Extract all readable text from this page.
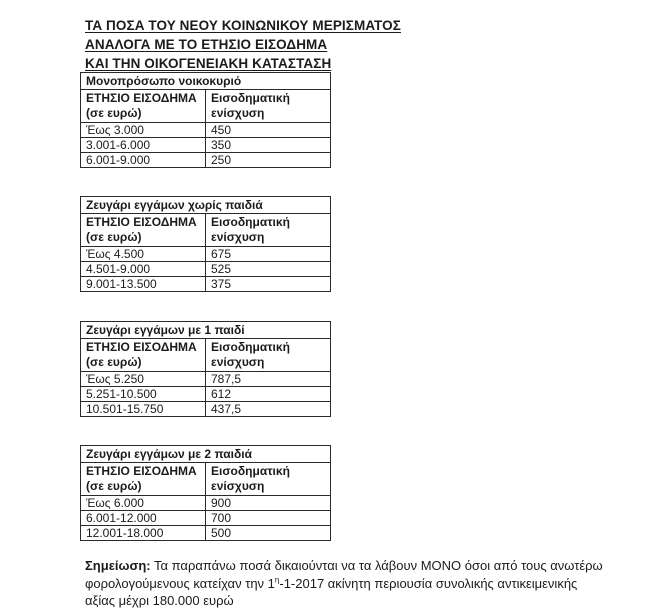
ΤΑ ΠΟΣΑ ΤΟΥ ΝΕΟΥ ΚΟΙΝΩΝΙΚΟΥ ΜΕΡΙΣΜΑΤΟΣ
ΑΝΑΛΟΓΑ ΜΕ ΤΟ ΕΤΗΣΙΟ ΕΙΣΟΔΗΜΑ
ΚΑΙ ΤΗΝ ΟΙΚΟΓΕΝΕΙΑΚΗ ΚΑΤΑΣΤΑΣΗ
Μονοπρόσωπο νοικοκυριό	

ΕΤΗΣΙΟ ΕΙΣΟΔΗΜΑ
(σε ευρώ)

Εισοδηματική
ενίσχυση

Έως 3.000	450
3.001-6.000	350
6.001-9.000	250
Ζευγάρι εγγάμων χωρίς παιδιά	

ΕΤΗΣΙΟ ΕΙΣΟΔΗΜΑ
(σε ευρώ)

Εισοδηματική
ενίσχυση

Έως 4.500	675
4.501-9.000	525
9.001-13.500	375
Ζευγάρι εγγάμων με 1 παιδί	

ΕΤΗΣΙΟ ΕΙΣΟΔΗΜΑ
(σε ευρώ)

Εισοδηματική
ενίσχυση

Έως 5.250	787,5
5.251-10.500	612
10.501-15.750	437,5
Ζευγάρι εγγάμων με 2 παιδιά	

ΕΤΗΣΙΟ ΕΙΣΟΔΗΜΑ
(σε ευρώ)

Εισοδηματική
ενίσχυση

Έως 6.000	900
6.001-12.000	700
12.001-18.000	500
Σημείωση: Τα παραπάνω ποσά δικαιούνται να τα λάβουν ΜΟΝΟ όσοι από τους ανωτέρω
φορολογούμενους κατείχαν την $1^\eta-1-2017$ ακίνητη περιουσία συνολικής αντικειμενικής
αξίας μέχρι 180.000 ευρώ
